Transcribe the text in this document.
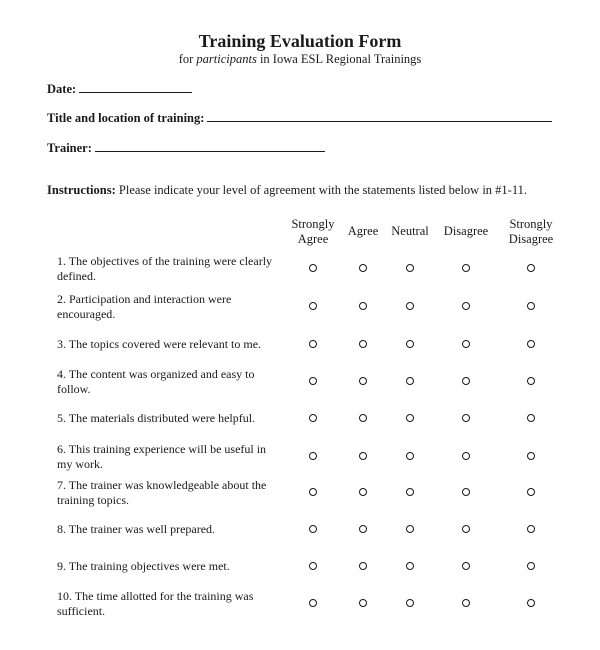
Training Evaluation Form
for participants in Iowa ESL Regional Trainings
Date:
Title and location of training:
Trainer:
Instructions: Please indicate your level of agreement with the statements listed below in #1-11.
Strongly
Agree
Agree Neutral Disagree Strongly
Disagree
1. The objectives of the training were clearly defined.
2. Participation and interaction were encouraged.
3. The topics covered were relevant to me.
4. The content was organized and easy to follow.
5. The materials distributed were helpful.
6. This training experience will be useful in my work.
7. The trainer was knowledgeable about the training topics.
8. The trainer was well prepared.
9. The training objectives were met.
10. The time allotted for the training was sufficient.
